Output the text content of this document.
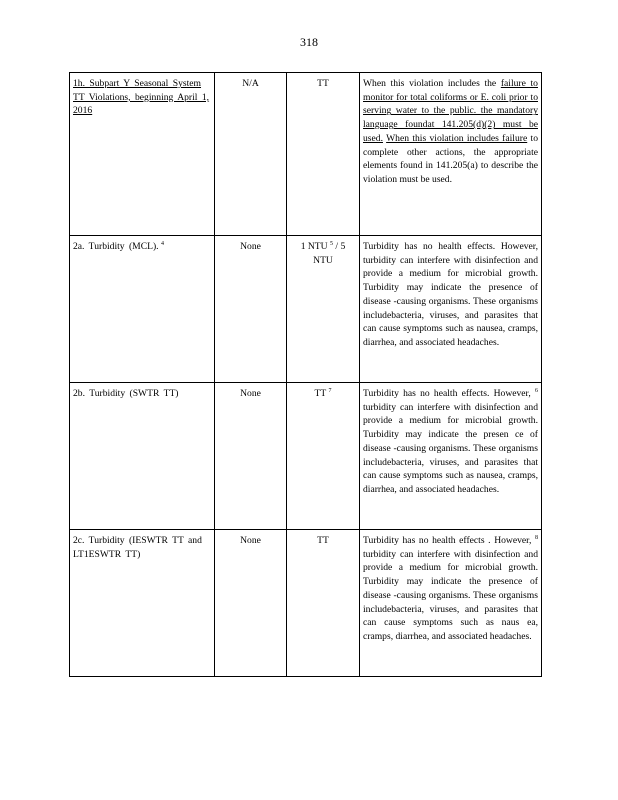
318
1h. Subpart Y Seasonal System TT Violations, beginning April 1, 2016	N/A	TT	When this violation includes the failure to monitor for total coliforms or E. coli prior to serving water to the public. the mandatory language foundat 141.205(d)(2) must be used. When this violation includes failure to complete other actions, the appropriate elements found in 141.205(a) to describe the violation must be used.
2a. Turbidity (MCL). $^4$	None	1 NTU $^5$ / 5 NTU	Turbidity has no health effects. However, turbidity can interfere with disinfection and provide a medium for microbial growth. Turbidity may indicate the presence of disease -causing organisms. These organisms includebacteria, viruses, and parasites that can cause symptoms such as nausea, cramps, diarrhea, and associated headaches.
2b. Turbidity (SWTR TT)	None	TT $^7$	Turbidity has no health effects. However, $^6$ turbidity can interfere with disinfection and provide a medium for microbial growth. Turbidity may indicate the presen ce of disease -causing organisms. These organisms includebacteria, viruses, and parasites that can cause symptoms such as nausea, cramps, diarrhea, and associated headaches.
2c. Turbidity (IESWTR TT and LT1ESWTR TT)	None	TT	Turbidity has no health effects . However, $^8$ turbidity can interfere with disinfection and provide a medium for microbial growth. Turbidity may indicate the presence of disease -causing organisms. These organisms includebacteria, viruses, and parasites that can cause symptoms such as naus ea, cramps, diarrhea, and associated headaches.
